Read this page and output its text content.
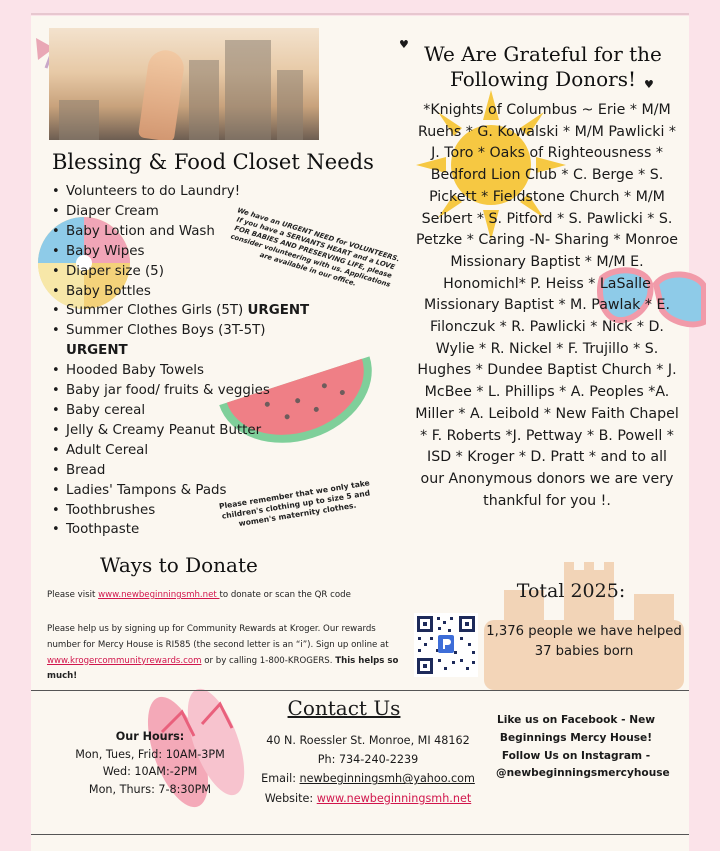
Blessing & Food Closet Needs
• Volunteers to do Laundry!
• Diaper Cream
• Baby Lotion and Wash
• Baby Wipes
• Diaper size (5)
• Baby Bottles
• Summer Clothes Girls (5T) URGENT
• Summer Clothes Boys (3T-5T)
URGENT
• Hooded Baby Towels
• Baby jar food/ fruits & veggies
• Baby cereal
• Jelly & Creamy Peanut Butter
• Adult Cereal
• Bread
• Ladies' Tampons & Pads
• Toothbrushes
• Toothpaste
We have an URGENT NEED for VOLUNTEERS. If you have a SERVANTS HEART and a LOVE FOR BABIES AND PRESERVING LIFE, please consider volunteering with us. Applications are available in our office.
Please remember that we only take children's clothing up to size 5 and women's maternity clothes.
♥
♥
We Are Grateful for the Following Donors!
*Knights of Columbus ~ Erie * M/M Ruehs * G. Kowalski * M/M Pawlicki * J. Toro * Oaks of Righteousness * Bedford Lion Club * C. Berge * S. Pickett * Fieldstone Church * M/M Seibert * S. Pitford * S. Pawlicki * S. Petzke * Caring -N- Sharing * Monroe Missionary Baptist * M/M E. Honomichl* P. Heiss * LaSalle Missionary Baptist * M. Pawlak * E. Filonczuk * R. Pawlicki * Nick * D. Wylie * R. Nickel * F. Trujillo * S. Hughes * Dundee Baptist Church * J. McBee * L. Phillips * A. Peoples *A. Miller * A. Leibold * New Faith Chapel * F. Roberts *J. Pettway * B. Powell * ISD * Kroger * D. Pratt * and to all our Anonymous donors we are very thankful for you !.
Total 2025:
1,376 people we have helped
37 babies born
Ways to Donate
Please visit www.newbeginningsmh.net to donate or scan the QR code
Please help us by signing up for Community Rewards at Kroger. Our rewards number for Mercy House is RI585 (the second letter is an “i”). Sign up online at www.krogercommunityrewards.com or by calling 1-800-KROGERS. This helps so much!
Our Hours:
Mon, Tues, Frid: 10AM-3PM
Wed: 10AM:-2PM
Mon, Thurs: 7-8:30PM
Contact Us
40 N. Roessler St. Monroe, MI 48162
Ph: 734-240-2239
Email: newbeginningsmh@yahoo.com
Website: www.newbeginningsmh.net
Like us on Facebook - New Beginnings Mercy House!
Follow Us on Instagram - @newbeginningsmercyhouse
